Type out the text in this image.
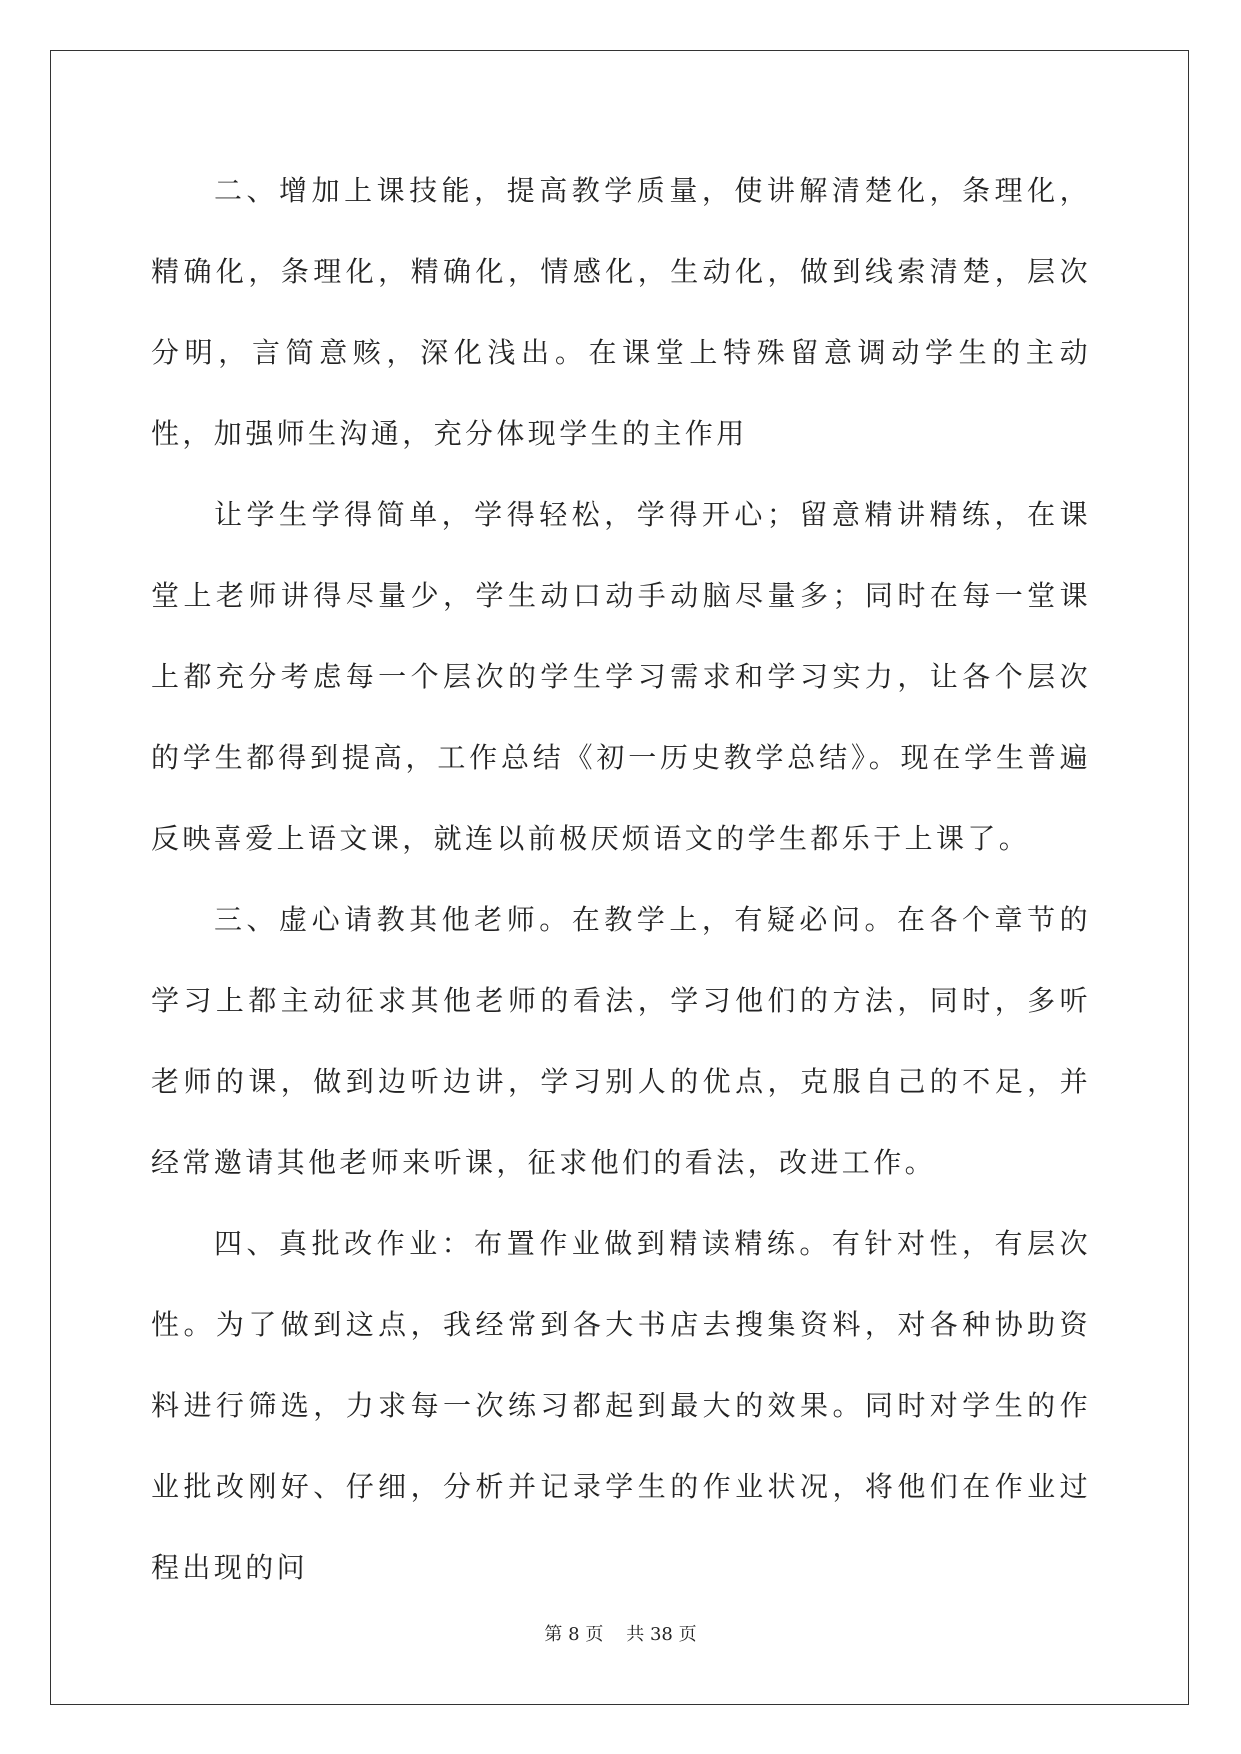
二、增加上课技能，提高教学质量，使讲解清楚化，条理化，精确化，条理化，精确化，情感化，生动化，做到线索清楚，层次分明，言简意赅，深化浅出。在课堂上特殊留意调动学生的主动性，加强师生沟通，充分体现学生的主作用

让学生学得简单，学得轻松，学得开心；留意精讲精练，在课堂上老师讲得尽量少，学生动口动手动脑尽量多；同时在每一堂课上都充分考虑每一个层次的学生学习需求和学习实力，让各个层次的学生都得到提高，工作总结《初一历史教学总结》。现在学生普遍反映喜爱上语文课，就连以前极厌烦语文的学生都乐于上课了。

三、虚心请教其他老师。在教学上，有疑必问。在各个章节的学习上都主动征求其他老师的看法，学习他们的方法，同时，多听老师的课，做到边听边讲，学习别人的优点，克服自己的不足，并经常邀请其他老师来听课，征求他们的看法，改进工作。

四、真批改作业：布置作业做到精读精练。有针对性，有层次性。为了做到这点，我经常到各大书店去搜集资料，对各种协助资料进行筛选，力求每一次练习都起到最大的效果。同时对学生的作业批改刚好、仔细，分析并记录学生的作业状况，将他们在作业过程出现的问

第 8 页 共 38 页
